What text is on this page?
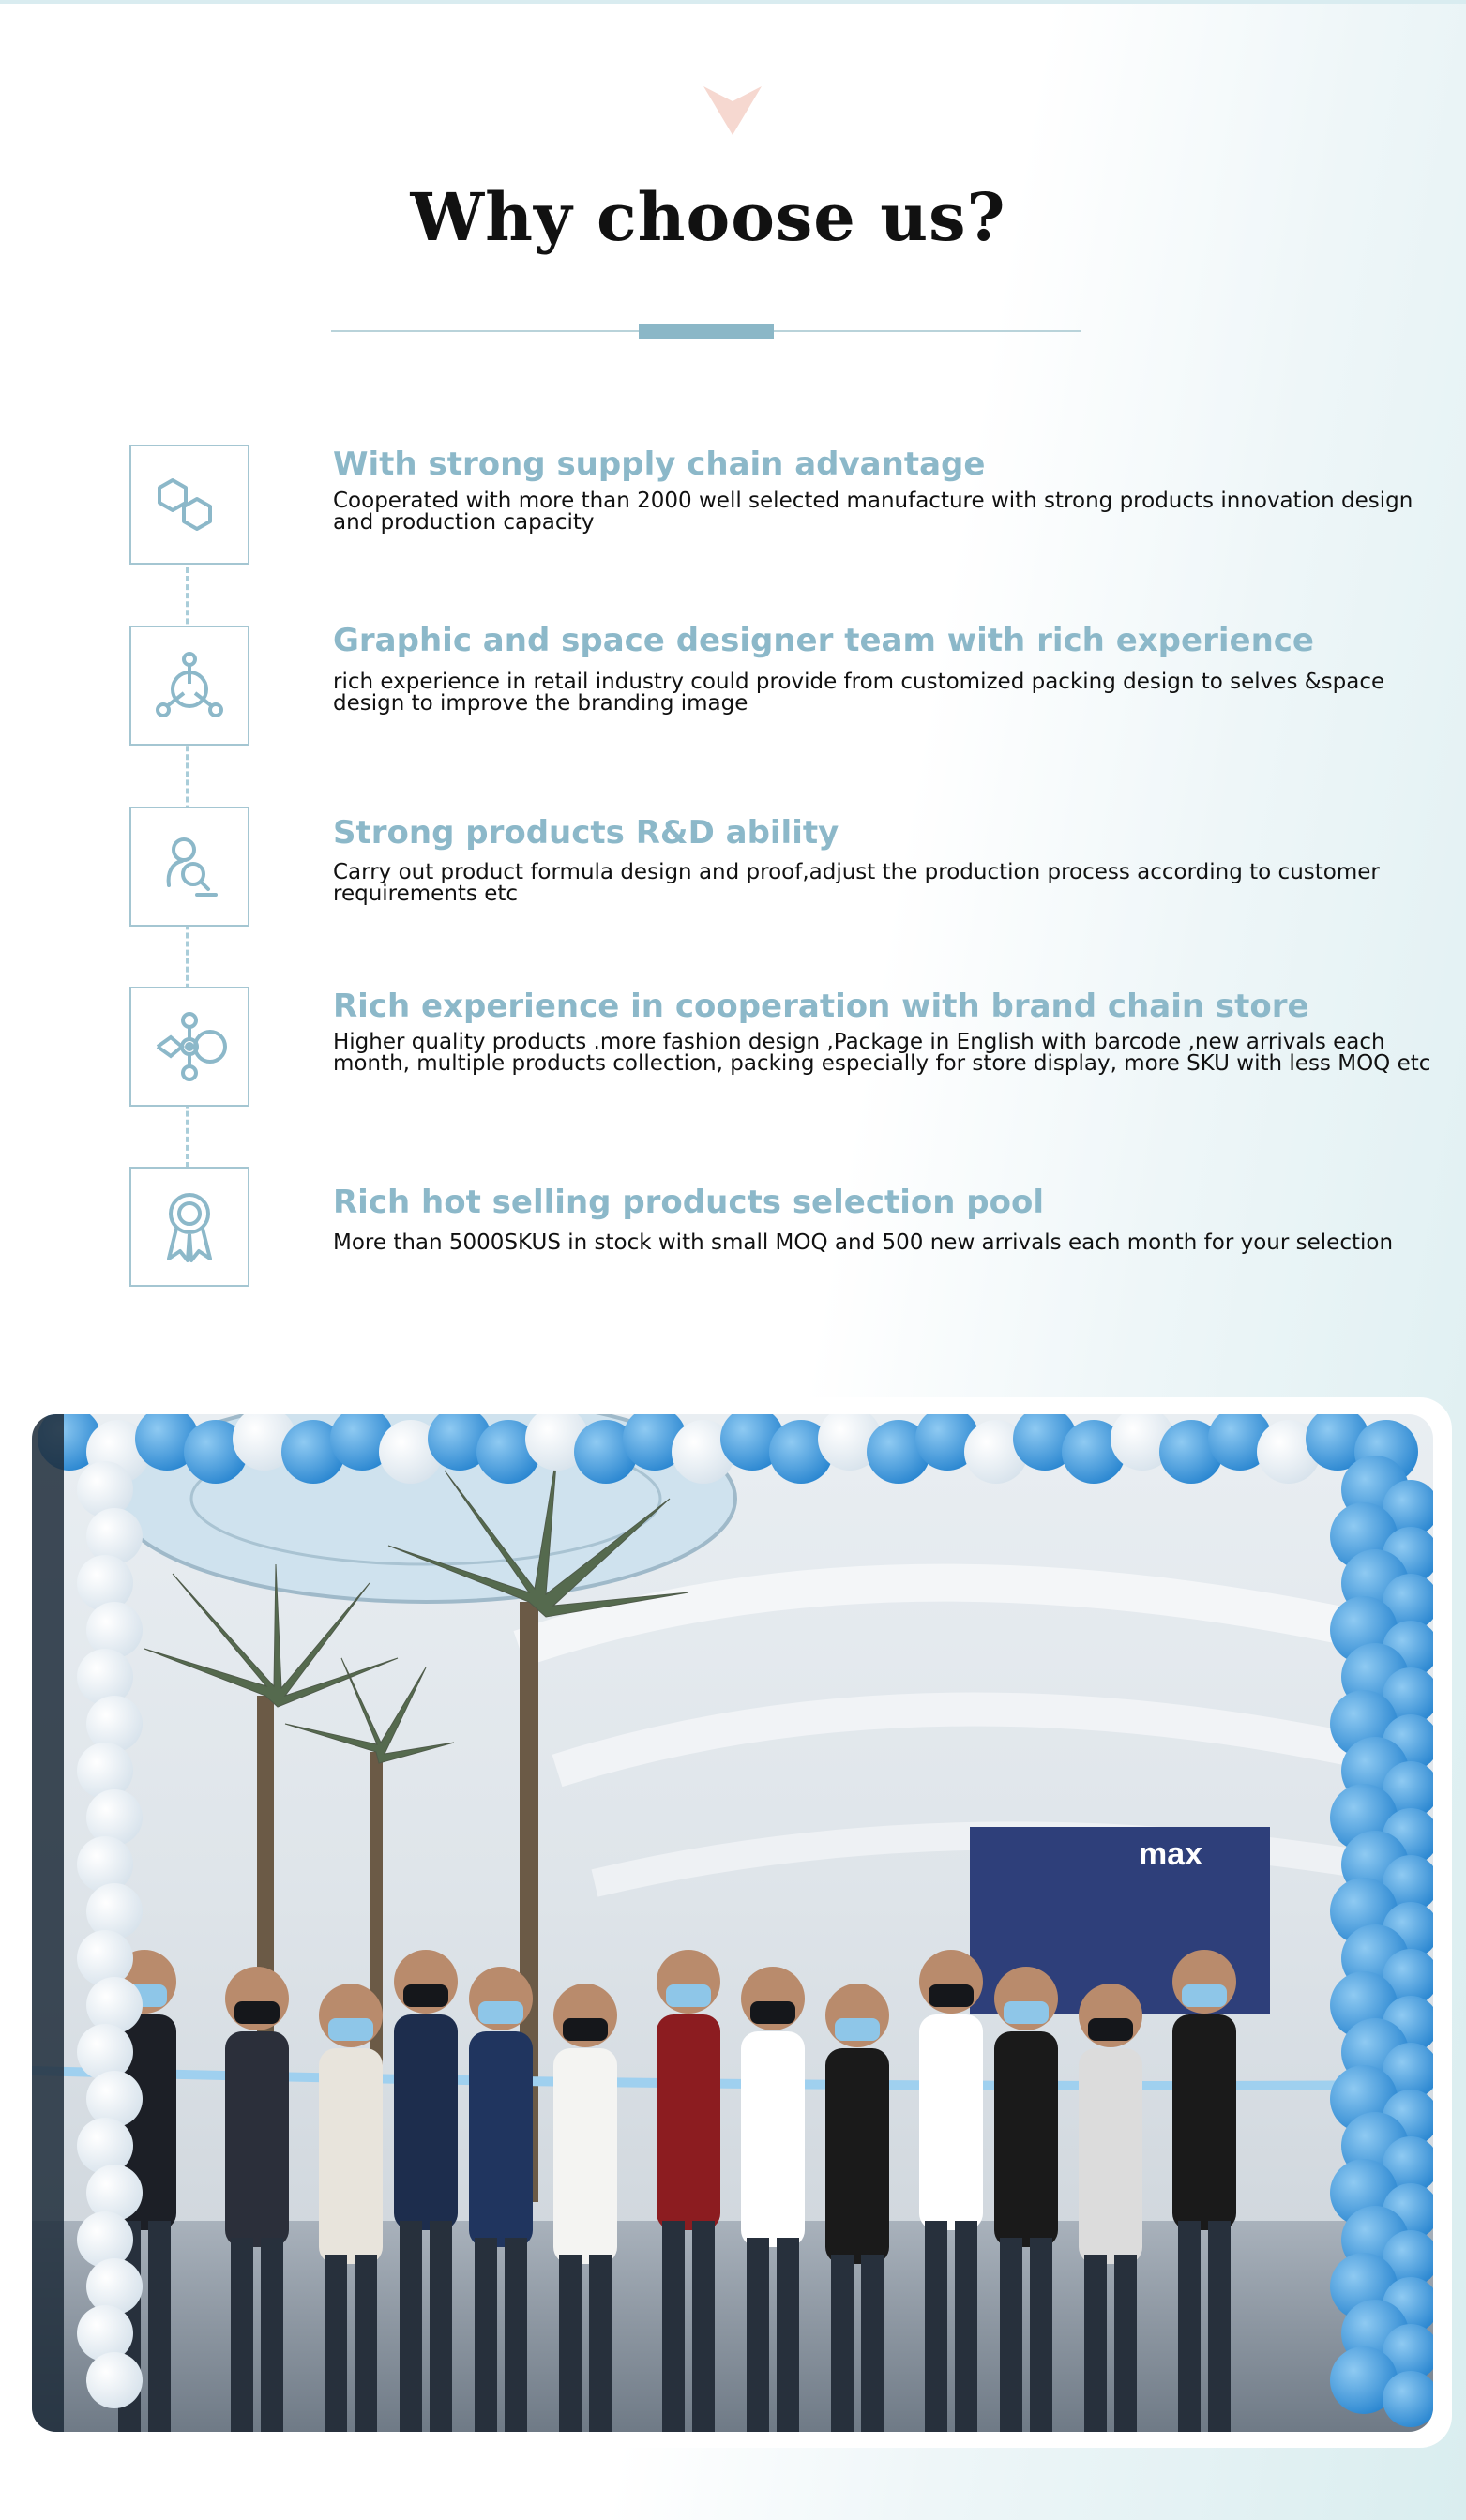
Why choose us?
With strong supply chain advantage

Cooperated with more than 2000 well selected manufacture with strong products innovation design and production capacity

Graphic and space designer team with rich experience

rich experience in retail industry could provide from customized packing design to selves &space design to improve the branding image

Strong products R&D ability

Carry out product formula design and proof,adjust the production process according to customer requirements etc

Rich experience in cooperation with brand chain store

Higher quality products .more fashion design ,Package in English with barcode ,new arrivals each month, multiple products collection, packing especially for store display, more SKU with less MOQ etc

Rich hot selling products selection pool

More than 5000SKUS in stock with small MOQ and 500 new arrivals each month for your selection

max
